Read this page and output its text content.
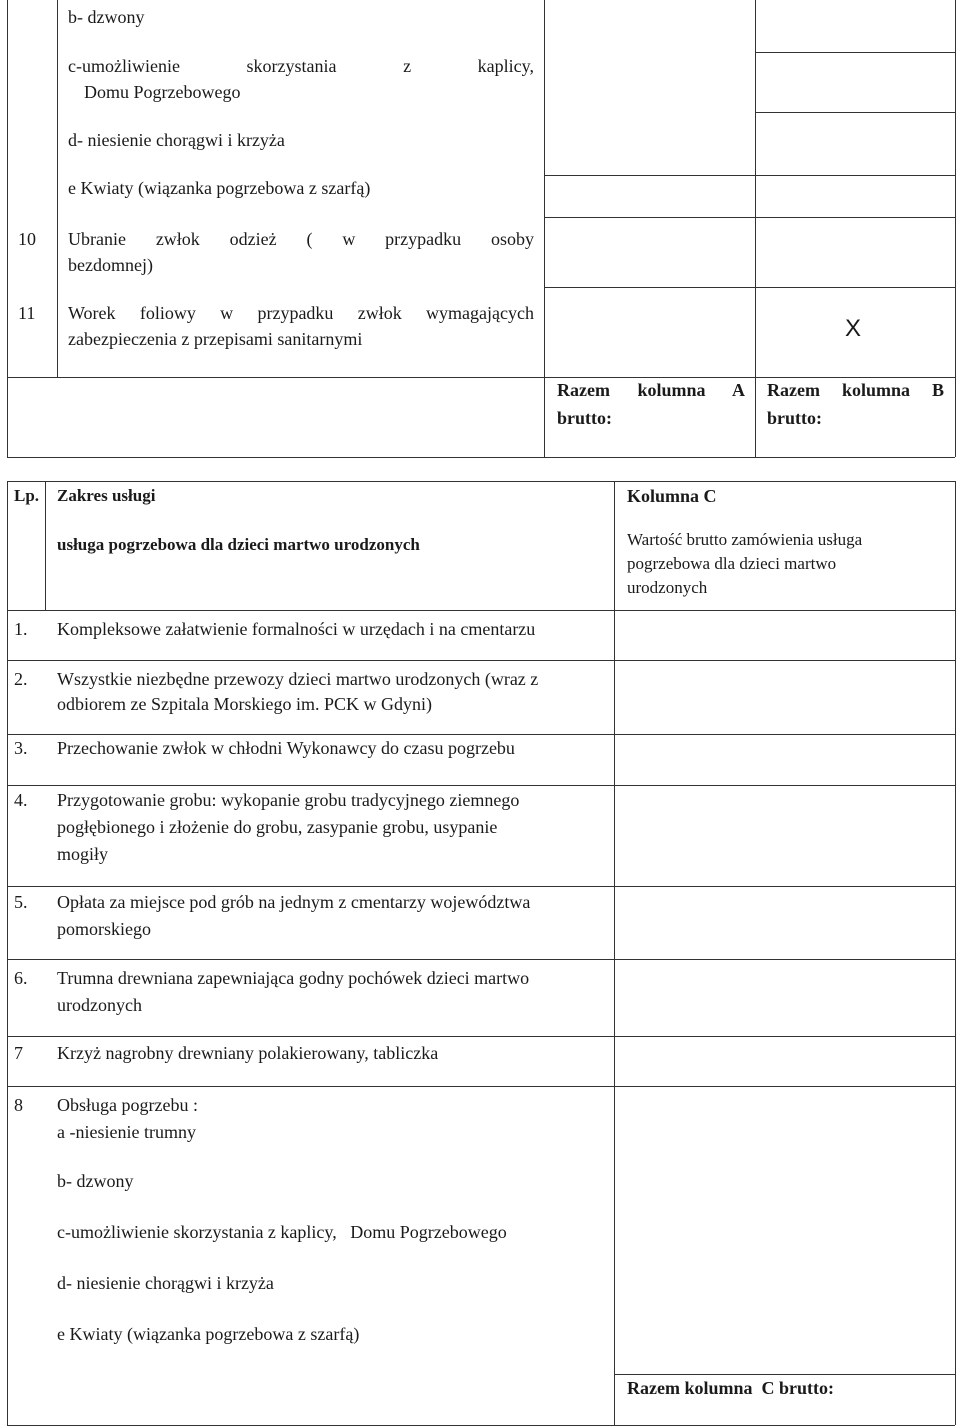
b- dzwony
c-umożliwienie skorzystania z kaplicy,
Domu Pogrzebowego
d- niesienie chorągwi i krzyża
e Kwiaty (wiązanka pogrzebowa z szarfą)
10 Ubranie zwłok odzież ( w przypadku osoby
bezdomnej)
11 Worek foliowy w przypadku zwłok wymagających
zabezpieczenia z przepisami sanitarnymi	X
Razem kolumna A
brutto:
Razem kolumna B
brutto:
Lp. Zakres usługi
usługa pogrzebowa dla dzieci martwo urodzonych
Kolumna C
Wartość brutto zamówienia usługa
pogrzebowa dla dzieci martwo
urodzonych
1. Kompleksowe załatwienie formalności w urzędach i na cmentarzu
2. Wszystkie niezbędne przewozy dzieci martwo urodzonych (wraz z
odbiorem ze Szpitala Morskiego im. PCK w Gdyni)
3. Przechowanie zwłok w chłodni Wykonawcy do czasu pogrzebu
4. Przygotowanie grobu: wykopanie grobu tradycyjnego ziemnego
pogłębionego i złożenie do grobu, zasypanie grobu, usypanie
mogiły
5. Opłata za miejsce pod grób na jednym z cmentarzy województwa
pomorskiego
6. Trumna drewniana zapewniająca godny pochówek dzieci martwo
urodzonych
7 Krzyż nagrobny drewniany polakierowany, tabliczka
8 Obsługa pogrzebu :
a -niesienie trumny
b- dzwony
c-umożliwienie skorzystania z kaplicy,   Domu Pogrzebowego
d- niesienie chorągwi i krzyża
e Kwiaty (wiązanka pogrzebowa z szarfą)
Razem kolumna  C brutto:
